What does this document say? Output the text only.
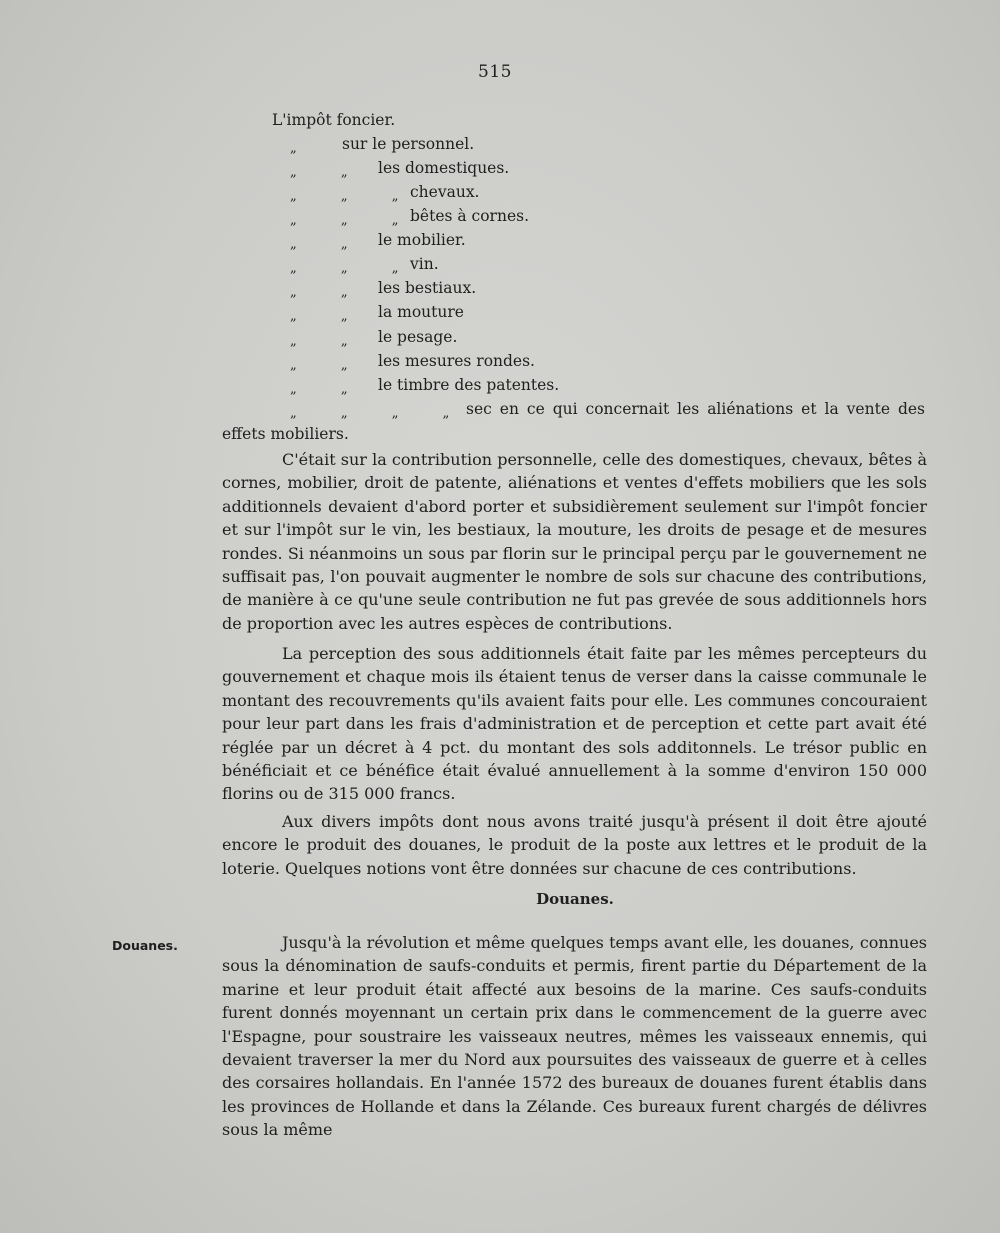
515
L'impôt foncier.
„	sur le personnel.
„ „ les domestiques.
„ „ „ chevaux.
„ „ „ bêtes à cornes.
„ „ le mobilier.
„ „ „ vin.
„ „ les bestiaux.
„ „ la mouture
„ „ le pesage.
„ „ les mesures rondes.
„ „ le timbre des patentes.
„ „ „ „ sec en ce qui concernait les aliénations et la vente des
effets mobiliers.

C'était sur la contribution personnelle, celle des domestiques, chevaux, bêtes à cornes, mobilier, droit de patente, aliénations et ventes d'effets mobiliers que les sols additionnels devaient d'abord porter et subsidièrement seulement sur l'impôt foncier et sur l'impôt sur le vin, les bestiaux, la mouture, les droits de pesage et de mesures rondes. Si néanmoins un sous par florin sur le principal perçu par le gouvernement ne suffisait pas, l'on pouvait augmenter le nombre de sols sur chacune des contributions, de manière à ce qu'une seule contribution ne fut pas grevée de sous additionnels hors de proportion avec les autres espèces de contributions.

La perception des sous additionnels était faite par les mêmes percepteurs du gouvernement et chaque mois ils étaient tenus de verser dans la caisse communale le montant des recouvrements qu'ils avaient faits pour elle. Les communes concouraient pour leur part dans les frais d'administration et de perception et cette part avait été réglée par un décret à 4 pct. du montant des sols additonnels. Le trésor public en bénéficiait et ce bénéfice était évalué annuellement à la somme d'environ 150 000 florins ou de 315 000 francs.

Aux divers impôts dont nous avons traité jusqu'à présent il doit être ajouté encore le produit des douanes, le produit de la poste aux lettres et le produit de la loterie. Quelques notions vont être données sur chacune de ces contributions.

Jusqu'à la révolution et même quelques temps avant elle, les douanes, connues sous la dénomination de saufs-conduits et permis, firent partie du Département de la marine et leur produit était affecté aux besoins de la marine. Ces saufs-conduits furent donnés moyennant un certain prix dans le commencement de la guerre avec l'Espagne, pour soustraire les vaisseaux neutres, mêmes les vaisseaux ennemis, qui devaient traverser la mer du Nord aux poursuites des vaisseaux de guerre et à celles des corsaires hollandais. En l'année 1572 des bureaux de douanes furent établis dans les provinces de Hollande et dans la Zélande. Ces bureaux furent chargés de délivres sous la même

Douanes.
Douanes.
